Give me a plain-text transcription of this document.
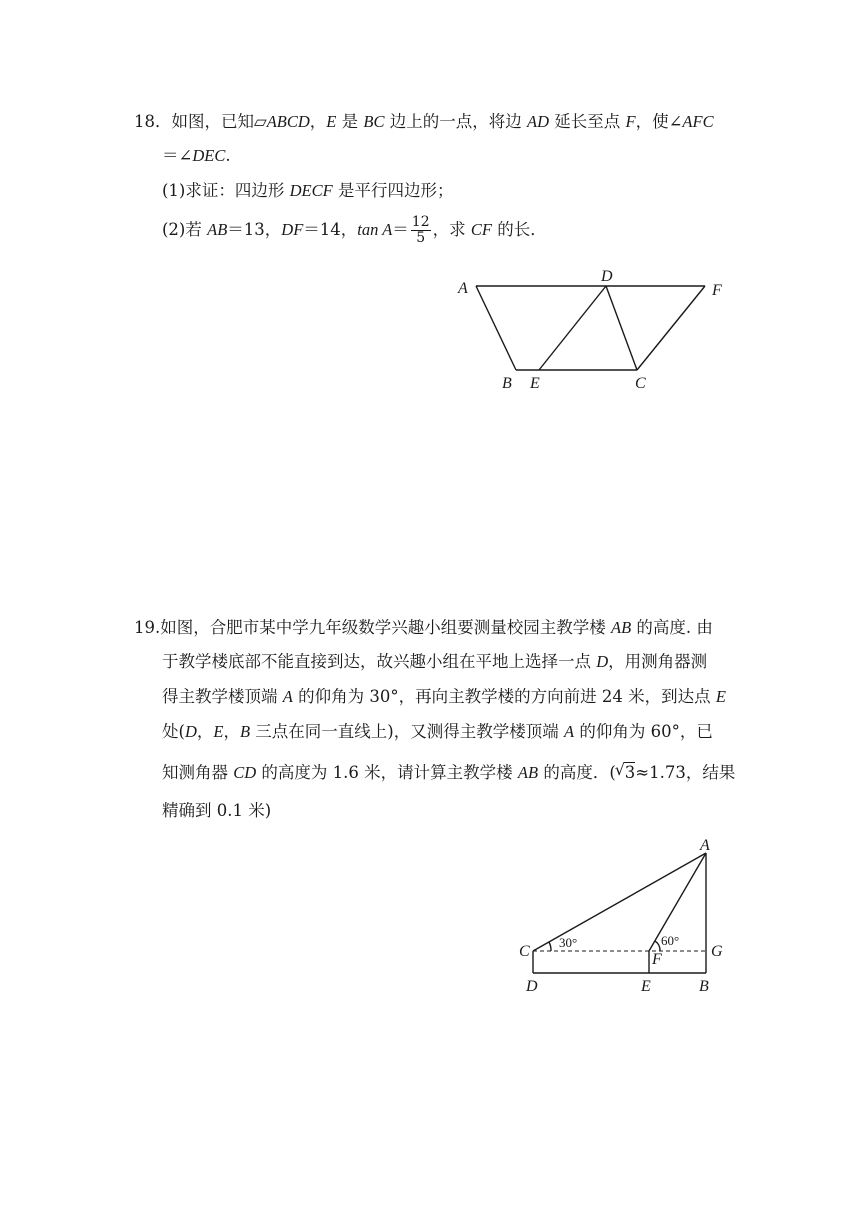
18．如图，已知▱ABCD，E 是 BC 边上的一点，将边 AD 延长至点 F，使∠AFC
＝∠DEC.
(1)求证：四边形 DECF 是平行四边形；
(2)若 AB＝13，DF＝14，$\tan A= \frac{12}{5}$ ，求 CF 的长．
A
D
F
B E	C
19.如图，合肥市某中学九年级数学兴趣小组要测量校园主教学楼 AB 的高度. 由
于教学楼底部不能直接到达，故兴趣小组在平地上选择一点 D，用测角器测
得主教学楼顶端 A 的仰角为 30°，再向主教学楼的方向前进 24 米，到达点 E
处(D，E，B 三点在同一直线上)，又测得主教学楼顶端 A 的仰角为 60°，已
知测角器 CD 的高度为 1.6 米，请计算主教学楼 AB 的高度．(√ 3≈1.73，结果
精确到 0.1 米)
A
C	F	G
D	E	B
30°	60°
